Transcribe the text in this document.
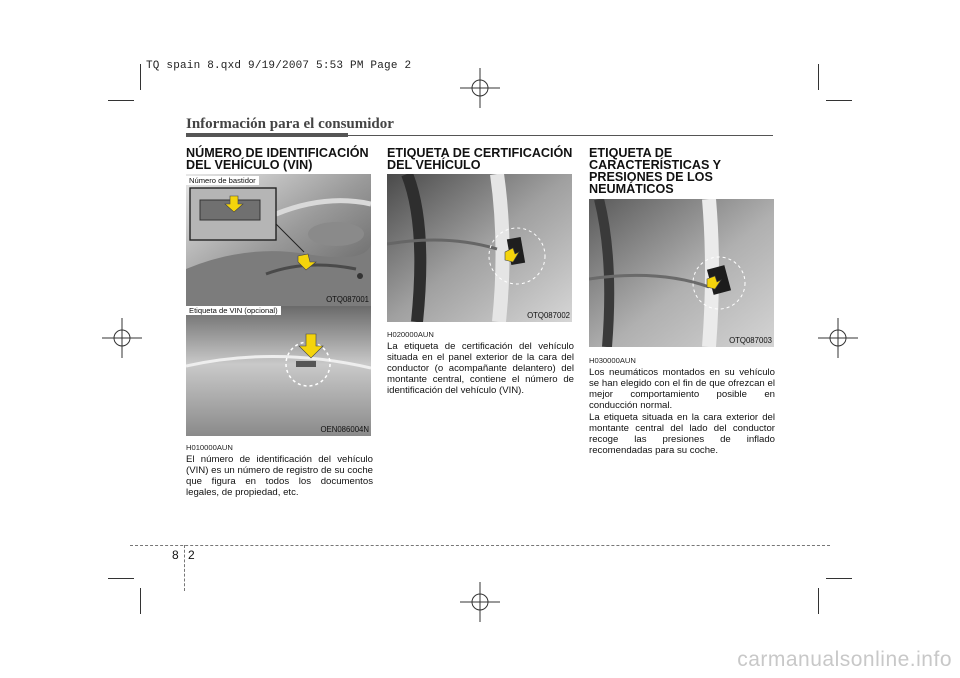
TQ spain 8.qxd 9/19/2007 5:53 PM Page 2
Información para el consumidor
NÚMERO DE IDENTIFICACIÓN DEL VEHÍCULO (VIN)
Número de bastidor
OTQ087001
Etiqueta de VIN (opcional)
OEN086004N
H010000AUN
El número de identificación del vehículo (VIN) es un número de registro de su coche que figura en todos los documentos legales, de propiedad, etc.
ETIQUETA DE CERTIFICACIÓN DEL VEHÍCULO
OTQ087002
H020000AUN
La etiqueta de certificación del vehículo situada en el panel exterior de la cara del conductor (o acompañante delantero) del montante central, contiene el número de identificación del vehículo (VIN).
ETIQUETA DE CARACTERÍSTICAS Y PRESIONES DE LOS NEUMÁTICOS
OTQ087003
H030000AUN
Los neumáticos montados en su vehículo se han elegido con el fin de que ofrezcan el mejor comportamiento posible en conducción normal.
La etiqueta situada en la cara exterior del montante central del lado del conductor recoge las presiones de inflado recomendadas para su coche.
8 2
carmanualsonline.info
